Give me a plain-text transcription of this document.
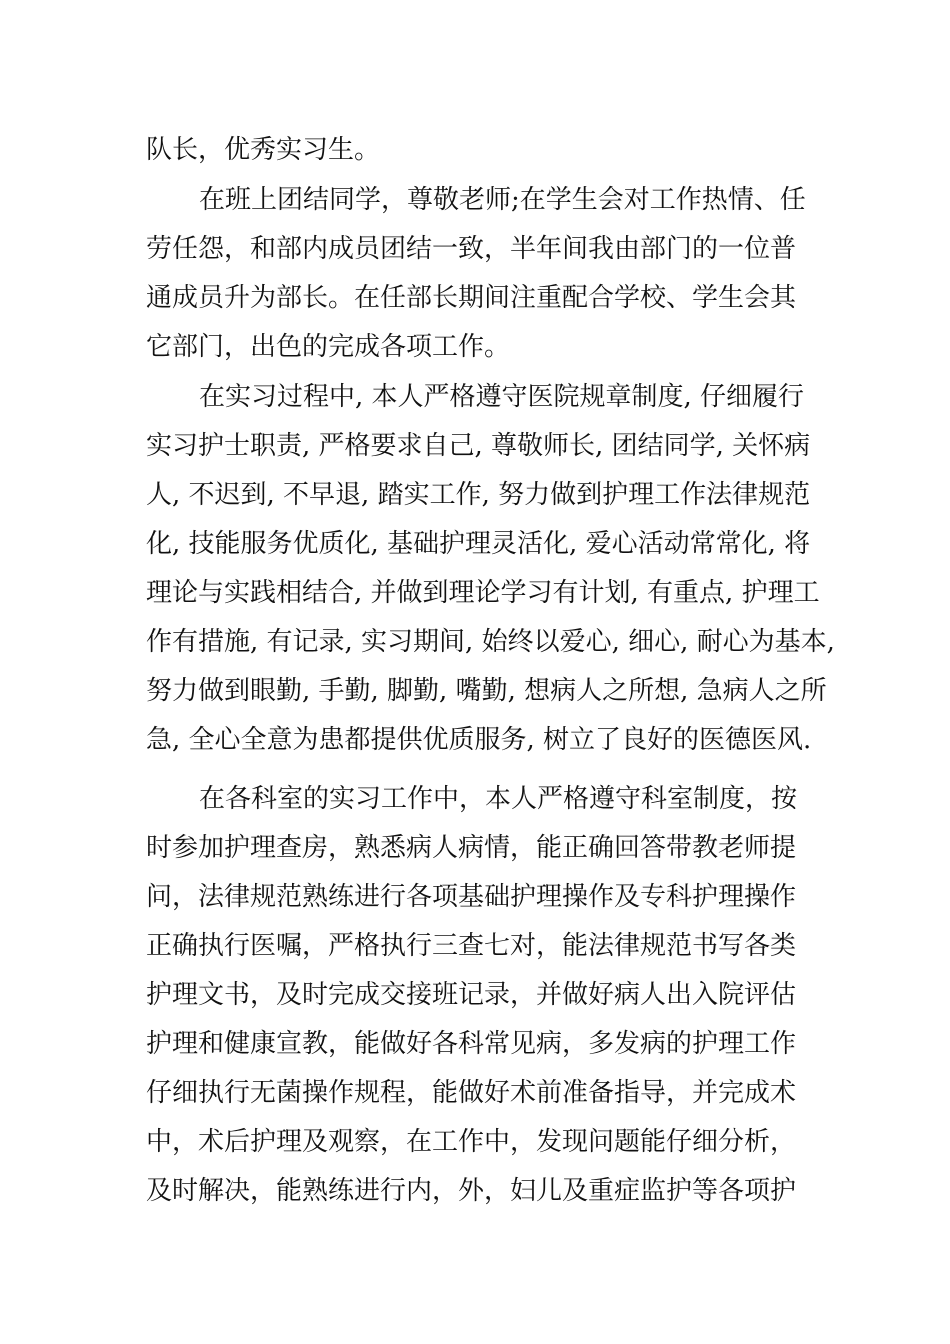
队长，优秀实习生。
在班上团结同学，尊敬老师;在学生会对工作热情、任
劳任怨，和部内成员团结一致，半年间我由部门的一位普
通成员升为部长。在任部长期间注重配合学校、学生会其
它部门，出色的完成各项工作。
在实习过程中, 本人严格遵守医院规章制度, 仔细履行
实习护士职责, 严格要求自己, 尊敬师长, 团结同学, 关怀病
人, 不迟到, 不早退, 踏实工作, 努力做到护理工作法律规范
化, 技能服务优质化, 基础护理灵活化, 爱心活动常常化, 将
理论与实践相结合, 并做到理论学习有计划, 有重点, 护理工
作有措施, 有记录, 实习期间, 始终以爱心, 细心, 耐心为基本,
努力做到眼勤, 手勤, 脚勤, 嘴勤, 想病人之所想, 急病人之所
急, 全心全意为患都提供优质服务, 树立了良好的医德医风.
在各科室的实习工作中，本人严格遵守科室制度，按
时参加护理查房，熟悉病人病情，能正确回答带教老师提
问，法律规范熟练进行各项基础护理操作及专科护理操作
正确执行医嘱，严格执行三查七对，能法律规范书写各类
护理文书，及时完成交接班记录，并做好病人出入院评估
护理和健康宣教，能做好各科常见病，多发病的护理工作
仔细执行无菌操作规程，能做好术前准备指导，并完成术
中，术后护理及观察，在工作中，发现问题能仔细分析，
及时解决，能熟练进行内，外，妇儿及重症监护等各项护
